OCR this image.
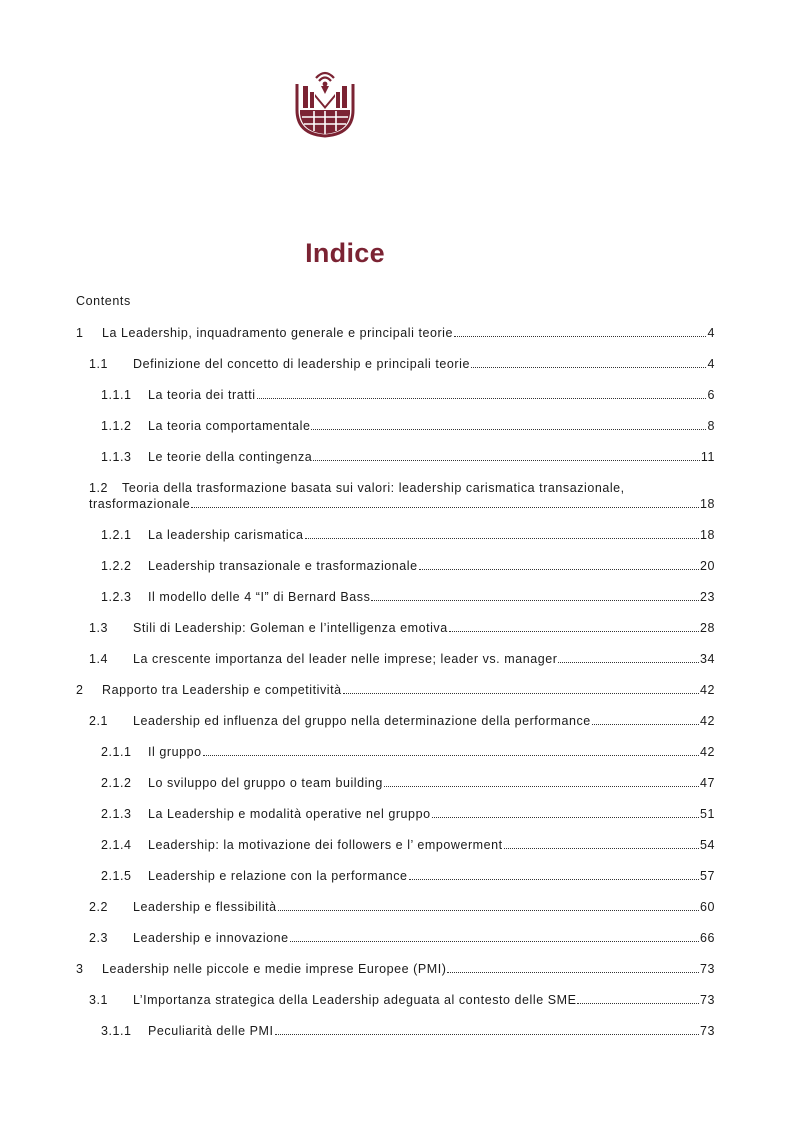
Indice
Contents
1	La Leadership, inquadramento generale e principali teorie	4
1.1	Definizione del concetto di leadership e principali teorie	4
1.1.1	La teoria dei tratti	6
1.1.2	La teoria comportamentale	8
1.1.3	Le teorie della contingenza	11
1.2 Teoria della trasformazione basata sui valori: leadership carismatica transazionale,
trasformazionale	18
1.2.1	La leadership carismatica	18
1.2.2	Leadership transazionale e trasformazionale	20
1.2.3	Il modello delle 4 “I” di Bernard Bass	23
1.3	Stili di Leadership: Goleman e l’intelligenza emotiva	28
1.4	La crescente importanza del leader nelle imprese; leader vs. manager	34
2	Rapporto tra Leadership e competitività	42
2.1	Leadership ed influenza del gruppo nella determinazione della performance	42
2.1.1	Il gruppo	42
2.1.2	Lo sviluppo del gruppo o team building	47
2.1.3	La Leadership e modalità operative nel gruppo	51
2.1.4	Leadership: la motivazione dei followers e l’ empowerment	54
2.1.5	Leadership e relazione con la performance	57
2.2	Leadership e flessibilità	60
2.3	Leadership e innovazione	66
3	Leadership nelle piccole e medie imprese Europee (PMI)	73
3.1	L’Importanza strategica della Leadership adeguata al contesto delle SME	73
3.1.1	Peculiarità delle PMI	73
